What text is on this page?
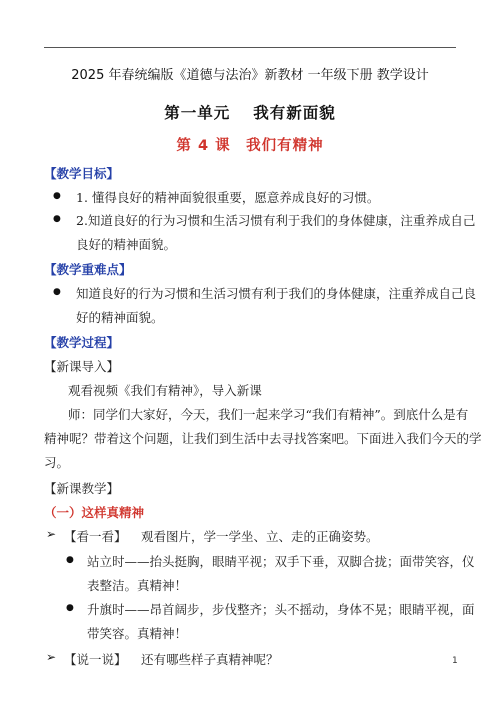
2025 年春统编版《道德与法治》新教材 一年级下册 教学设计
第一单元　 我有新面貌
第 4 课　我们有精神
【教学目标】
●	1. 懂得良好的精神面貌很重要，愿意养成良好的习惯。
●	2.知道良好的行为习惯和生活习惯有利于我们的身体健康，注重养成自己
良好的精神面貌。
【教学重难点】
●	知道良好的行为习惯和生活习惯有利于我们的身体健康，注重养成自己良
好的精神面貌。
【教学过程】
【新课导入】
观看视频《我们有精神》，导入新课
师：同学们大家好，今天，我们一起来学习“我们有精神”。到底什么是有
精神呢？带着这个问题，让我们到生活中去寻找答案吧。下面进入我们今天的学
习。
【新课教学】
（一）这样真精神
➢ 【看一看】 观看图片，学一学坐、立、走的正确姿势。
●	站立时——抬头挺胸，眼睛平视；双手下垂，双脚合拢；面带笑容，仪
表整洁。真精神！
●	升旗时——昂首阔步，步伐整齐；头不摇动，身体不晃；眼睛平视，面
带笑容。真精神！
➢ 【说一说】 还有哪些样子真精神呢？	1
